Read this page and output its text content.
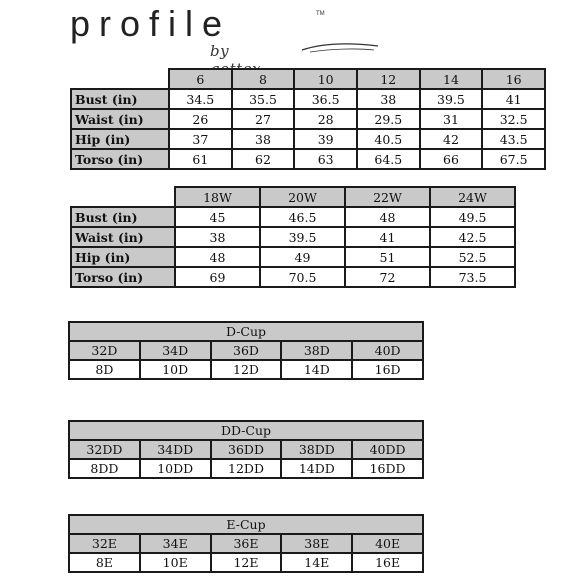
profile	TM
by
	6	8	10	12	14	16
Bust (in)	34.5	35.5	36.5	38	39.5	41
Waist (in)	26	27	28	29.5	31	32.5
Hip (in)	37	38	39	40.5	42	43.5
Torso (in)	61	62	63	64.5	66	67.5
	18W	20W	22W	24W
Bust (in)	45	46.5	48	49.5
Waist (in)	38	39.5	41	42.5
Hip (in)	48	49	51	52.5
Torso (in)	69	70.5	72	73.5
D-Cup				
32D	34D	36D	38D	40D
8D	10D	12D	14D	16D
DD-Cup				
32DD	34DD	36DD	38DD	40DD
8DD	10DD	12DD	14DD	16DD
E-Cup				
32E	34E	36E	38E	40E
8E	10E	12E	14E	16E
